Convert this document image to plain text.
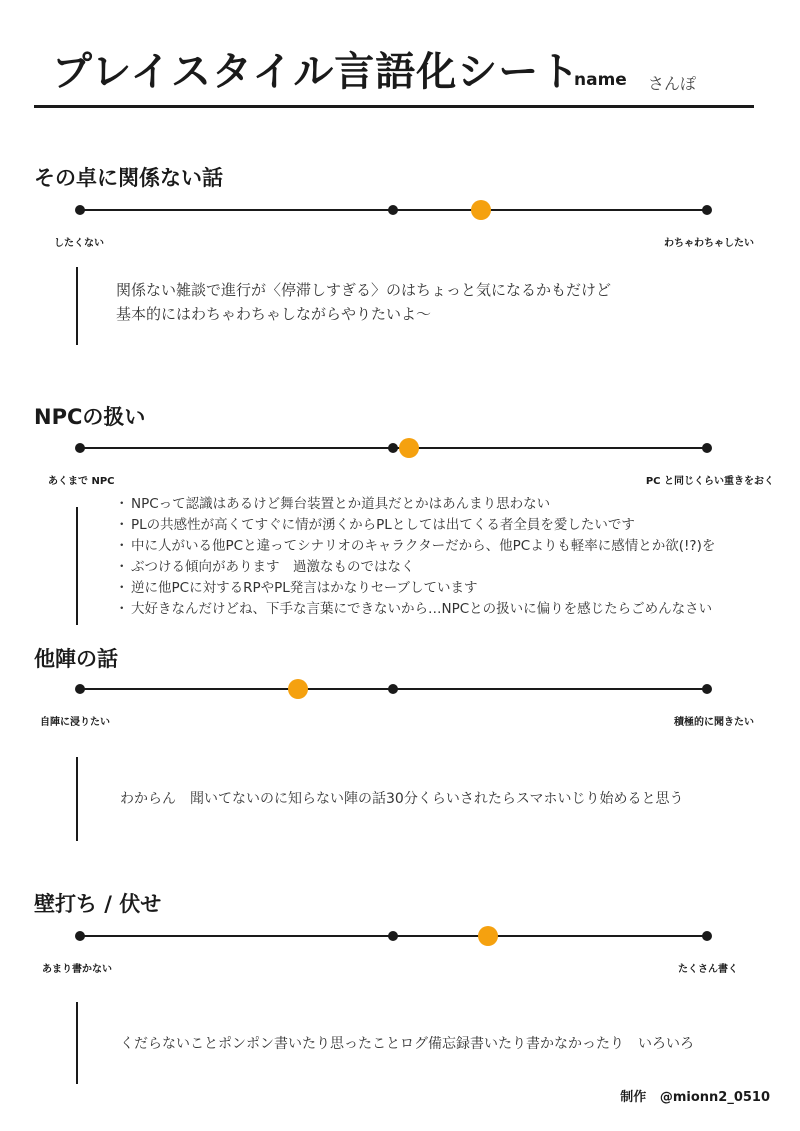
プレイスタイル言語化シート
name さんぽ
その卓に関係ない話
したくない	わちゃわちゃしたい

関係ない雑談で進行が〈停滞しすぎる〉のはちょっと気になるかもだけど

基本的にはわちゃわちゃしながらやりたいよ～

NPCの扱い
あくまで NPC	PC と同じくらい重きをおく
・ NPCって認識はあるけど舞台装置とか道具だとかはあんまり思わない
・ PLの共感性が高くてすぐに情が湧くからPLとしては出てくる者全員を愛したいです
・ 中に人がいる他PCと違ってシナリオのキャラクターだから、他PCよりも軽率に感情とか欲(!?)を
・ ぶつける傾向があります　過激なものではなく
・ 逆に他PCに対するRPやPL発言はかなりセーブしています
・ 大好きなんだけどね、下手な言葉にできないから…NPCとの扱いに偏りを感じたらごめんなさい
他陣の話
自陣に浸りたい	積極的に聞きたい

わからん　聞いてないのに知らない陣の話30分くらいされたらスマホいじり始めると思う

壁打ち / 伏せ
あまり書かない	たくさん書く

くだらないことポンポン書いたり思ったことログ備忘録書いたり書かなかったり　いろいろ

制作 @mionn2_0510
